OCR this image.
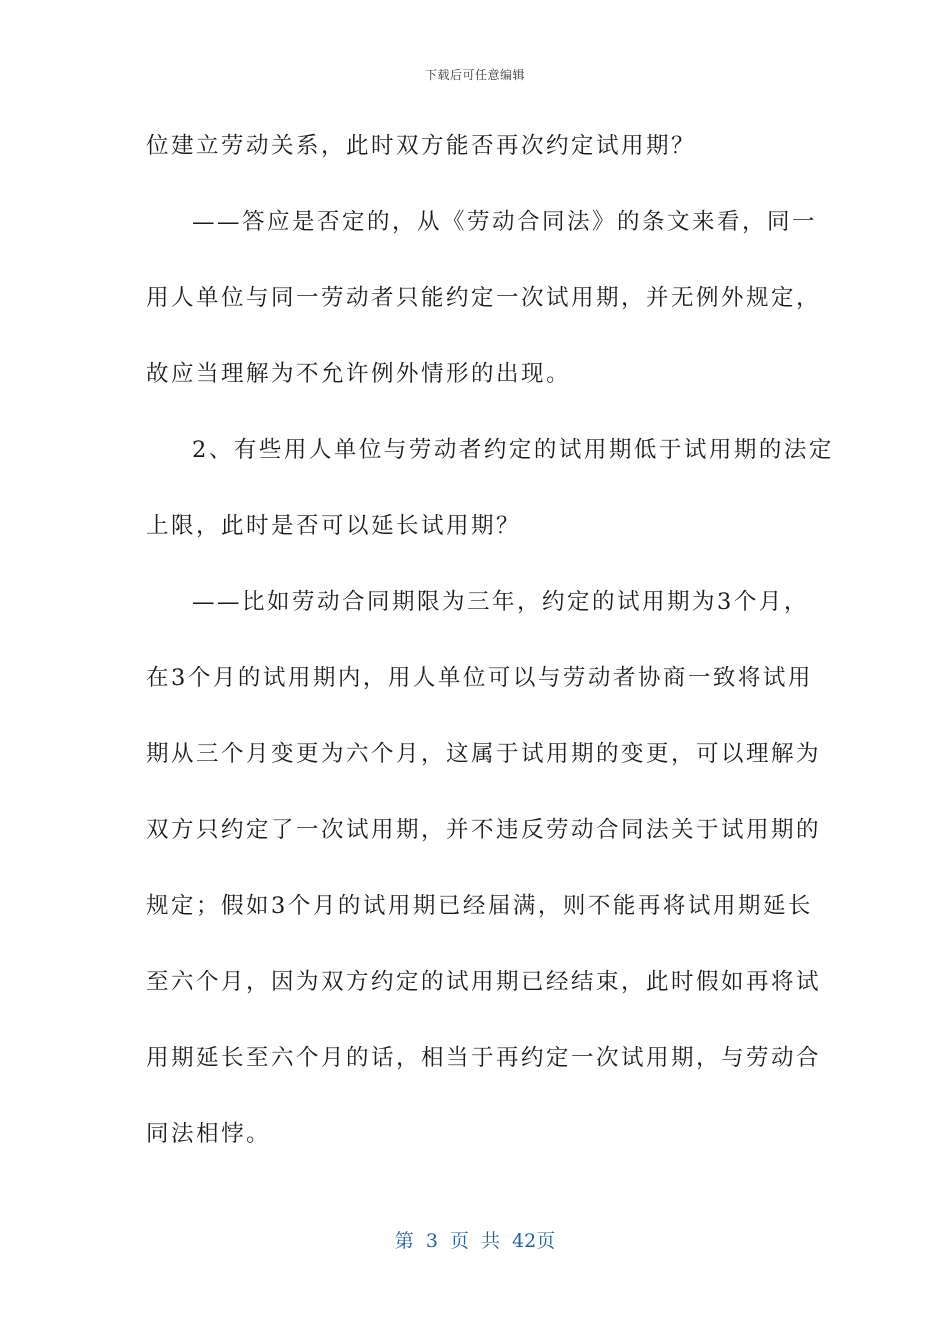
下载后可任意编辑
位建立劳动关系，此时双方能否再次约定试用期？
——答应是否定的，从《劳动合同法》的条文来看，同一
用人单位与同一劳动者只能约定一次试用期，并无例外规定，
故应当理解为不允许例外情形的出现。
2、有些用人单位与劳动者约定的试用期低于试用期的法定
上限，此时是否可以延长试用期？
——比如劳动合同期限为三年，约定的试用期为3个月，
在3个月的试用期内，用人单位可以与劳动者协商一致将试用
期从三个月变更为六个月，这属于试用期的变更，可以理解为
双方只约定了一次试用期，并不违反劳动合同法关于试用期的
规定；假如3个月的试用期已经届满，则不能再将试用期延长
至六个月，因为双方约定的试用期已经结束，此时假如再将试
用期延长至六个月的话，相当于再约定一次试用期，与劳动合
同法相悖。
第 3 页 共 42页
